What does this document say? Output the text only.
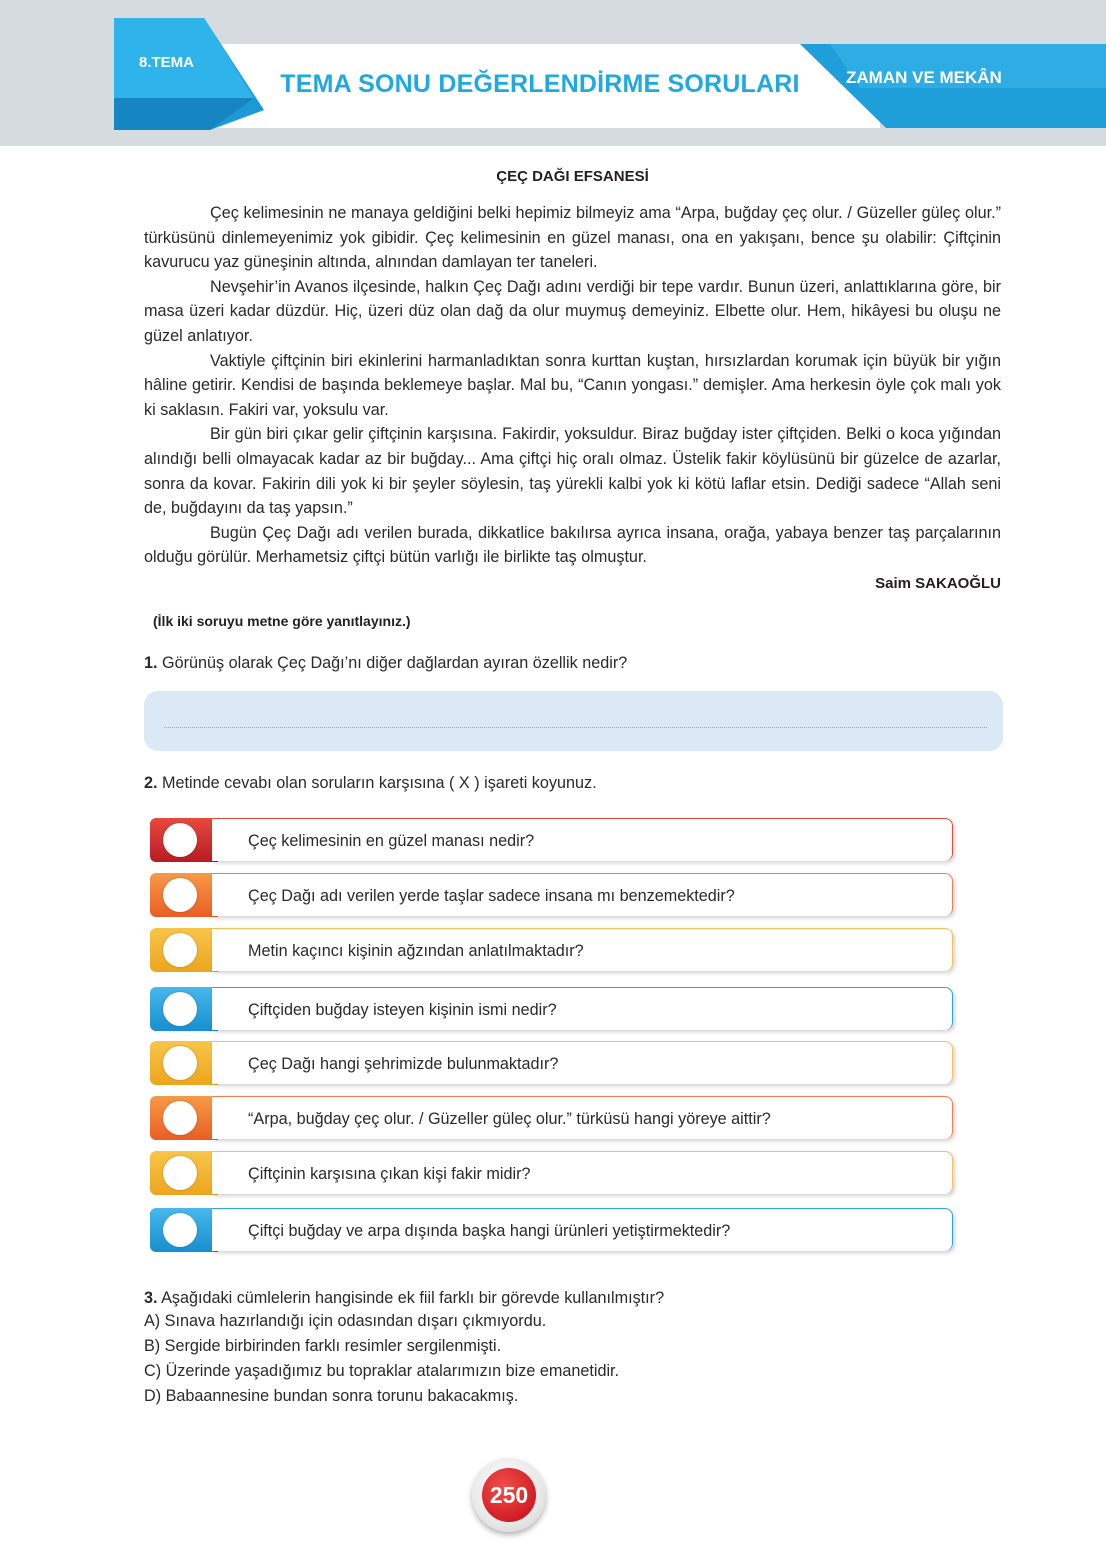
8.TEMA
TEMA SONU DEĞERLENDİRME SORULARI	ZAMAN VE MEKÂN
ÇEÇ DAĞI EFSANESİ

Çeç kelimesinin ne manaya geldiğini belki hepimiz bilmeyiz ama “Arpa, buğday çeç olur. / Güzeller güleç olur.” türküsünü dinlemeyenimiz yok gibidir. Çeç kelimesinin en güzel manası, ona en yakışanı, bence şu olabilir: Çiftçinin kavurucu yaz güneşinin altında, alnından damlayan ter taneleri.

Nevşehir’in Avanos ilçesinde, halkın Çeç Dağı adını verdiği bir tepe vardır. Bunun üzeri, anlattıklarına göre, bir masa üzeri kadar düzdür. Hiç, üzeri düz olan dağ da olur muymuş demeyiniz. Elbette olur. Hem, hikâyesi bu oluşu ne güzel anlatıyor.

Vaktiyle çiftçinin biri ekinlerini harmanladıktan sonra kurttan kuştan, hırsızlardan korumak için büyük bir yığın hâline getirir. Kendisi de başında beklemeye başlar. Mal bu, “Canın yongası.” demişler. Ama herkesin öyle çok malı yok ki saklasın. Fakiri var, yoksulu var.

Bir gün biri çıkar gelir çiftçinin karşısına. Fakirdir, yoksuldur. Biraz buğday ister çiftçiden. Belki o koca yığından alındığı belli olmayacak kadar az bir buğday... Ama çiftçi hiç oralı olmaz. Üstelik fakir köylüsünü bir güzelce de azarlar, sonra da kovar. Fakirin dili yok ki bir şeyler söylesin, taş yürekli kalbi yok ki kötü laflar etsin. Dediği sadece “Allah seni de, buğdayını da taş yapsın.”

Bugün Çeç Dağı adı verilen burada, dikkatlice bakılırsa ayrıca insana, orağa, yabaya benzer taş parçalarının olduğu görülür. Merhametsiz çiftçi bütün varlığı ile birlikte taş olmuştur.

Saim SAKAOĞLU
(İlk iki soruyu metne göre yanıtlayınız.)
1. Görünüş olarak Çeç Dağı’nı diğer dağlardan ayıran özellik nedir?
2. Metinde cevabı olan soruların karşısına ( X ) işareti koyunuz.
Çeç kelimesinin en güzel manası nedir?
Çeç Dağı adı verilen yerde taşlar sadece insana mı benzemektedir?
Metin kaçıncı kişinin ağzından anlatılmaktadır?
Çiftçiden buğday isteyen kişinin ismi nedir?
Çeç Dağı hangi şehrimizde bulunmaktadır?
“Arpa, buğday çeç olur. / Güzeller güleç olur.” türküsü hangi yöreye aittir?
Çiftçinin karşısına çıkan kişi fakir midir?
Çiftçi buğday ve arpa dışında başka hangi ürünleri yetiştirmektedir?
3. Aşağıdaki cümlelerin hangisinde ek fiil farklı bir görevde kullanılmıştır?
A) Sınava hazırlandığı için odasından dışarı çıkmıyordu.
B) Sergide birbirinden farklı resimler sergilenmişti.
C) Üzerinde yaşadığımız bu topraklar atalarımızın bize emanetidir.
D) Babaannesine bundan sonra torunu bakacakmış.
250
